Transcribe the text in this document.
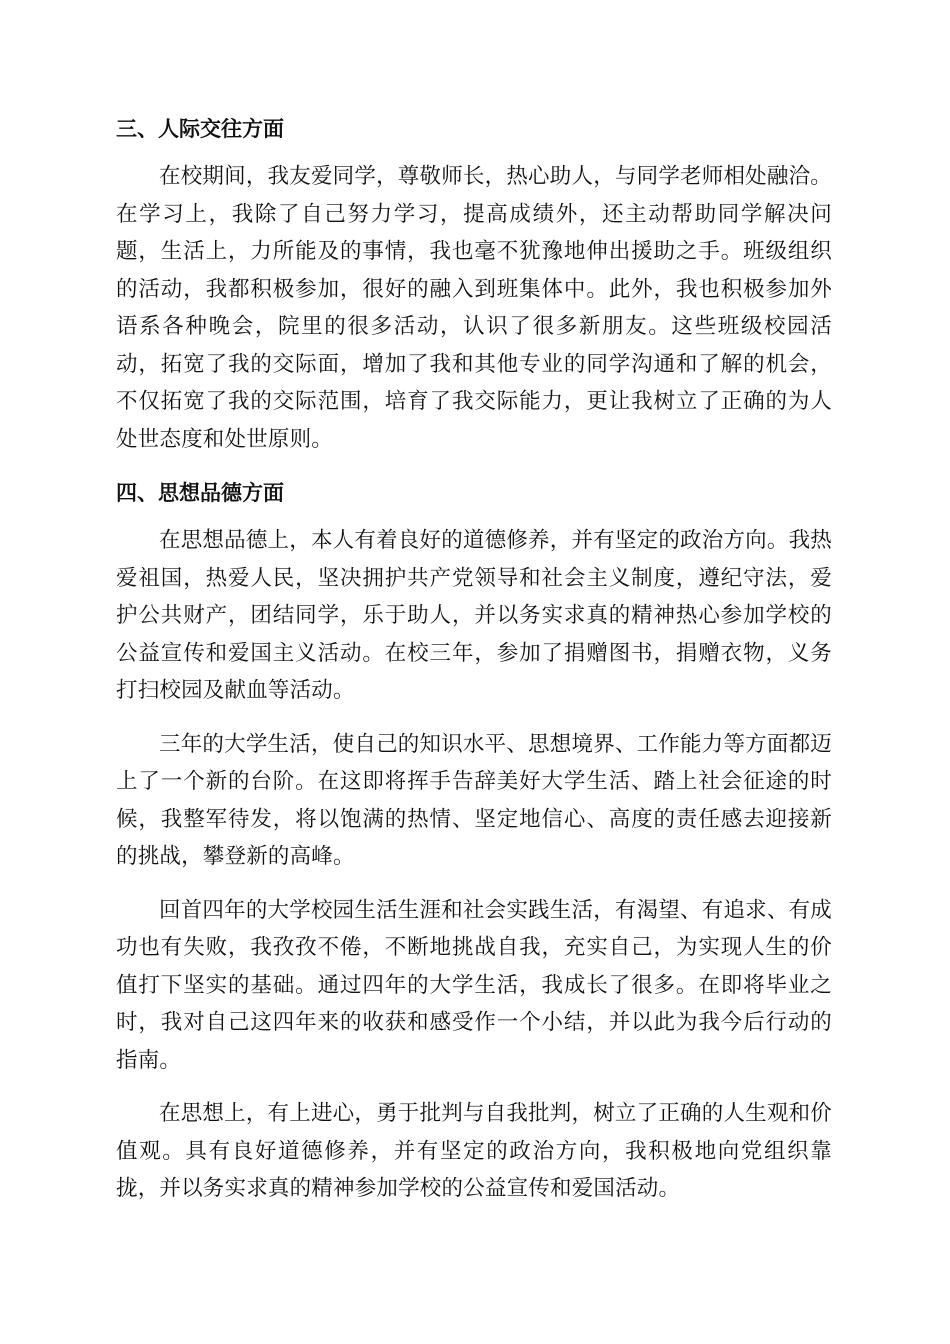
三、人际交往方面

在校期间，我友爱同学，尊敬师长，热心助人，与同学老师相处融洽。在学习上，我除了自己努力学习，提高成绩外，还主动帮助同学解决问题，生活上，力所能及的事情，我也毫不犹豫地伸出援助之手。班级组织的活动，我都积极参加，很好的融入到班集体中。此外，我也积极参加外语系各种晚会，院里的很多活动，认识了很多新朋友。这些班级校园活动，拓宽了我的交际面，增加了我和其他专业的同学沟通和了解的机会，不仅拓宽了我的交际范围，培育了我交际能力，更让我树立了正确的为人处世态度和处世原则。

四、思想品德方面

在思想品德上，本人有着良好的道德修养，并有坚定的政治方向。我热爱祖国，热爱人民，坚决拥护共产党领导和社会主义制度，遵纪守法，爱护公共财产，团结同学，乐于助人，并以务实求真的精神热心参加学校的公益宣传和爱国主义活动。在校三年，参加了捐赠图书，捐赠衣物，义务打扫校园及献血等活动。

三年的大学生活，使自己的知识水平、思想境界、工作能力等方面都迈上了一个新的台阶。在这即将挥手告辞美好大学生活、踏上社会征途的时候，我整军待发，将以饱满的热情、坚定地信心、高度的责任感去迎接新的挑战，攀登新的高峰。

回首四年的大学校园生活生涯和社会实践生活，有渴望、有追求、有成功也有失败，我孜孜不倦，不断地挑战自我，充实自己，为实现人生的价值打下坚实的基础。通过四年的大学生活，我成长了很多。在即将毕业之时，我对自己这四年来的收获和感受作一个小结，并以此为我今后行动的指南。

在思想上，有上进心，勇于批判与自我批判，树立了正确的人生观和价值观。具有良好道德修养，并有坚定的政治方向，我积极地向党组织靠拢，并以务实求真的精神参加学校的公益宣传和爱国活动。
